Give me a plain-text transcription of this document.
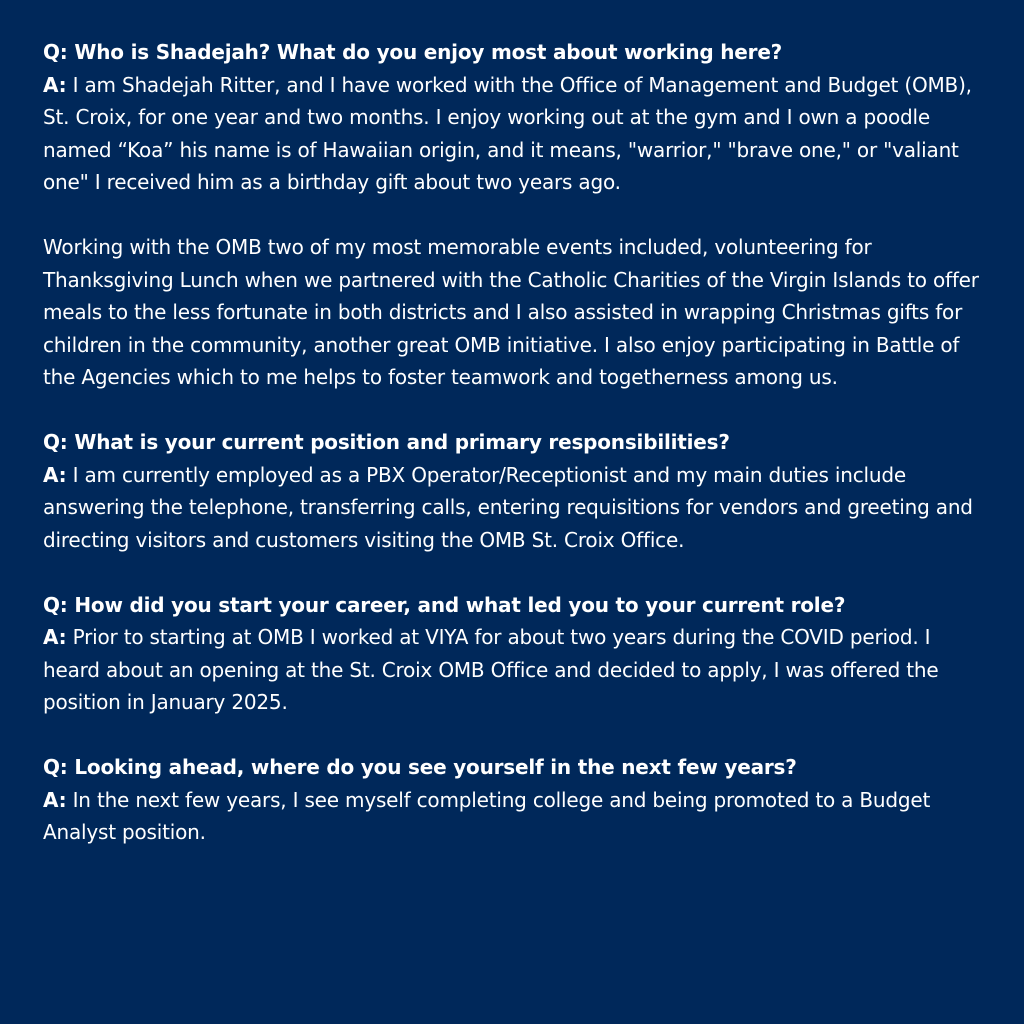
Q: Who is Shadejah? What do you enjoy most about working here?

A: I am Shadejah Ritter, and I have worked with the Office of Management and Budget (OMB), St. Croix, for one year and two months. I enjoy working out at the gym and I own a poodle named “Koa” his name is of Hawaiian origin, and it means, "warrior," "brave one," or "valiant one" I received him as a birthday gift about two years ago.

Working with the OMB two of my most memorable events included, volunteering for Thanksgiving Lunch when we partnered with the Catholic Charities of the Virgin Islands to offer meals to the less fortunate in both districts and I also assisted in wrapping Christmas gifts for children in the community, another great OMB initiative. I also enjoy participating in Battle of the Agencies which to me helps to foster teamwork and togetherness among us.

Q: What is your current position and primary responsibilities?

A: I am currently employed as a PBX Operator/Receptionist and my main duties include answering the telephone, transferring calls, entering requisitions for vendors and greeting and directing visitors and customers visiting the OMB St. Croix Office.

Q: How did you start your career, and what led you to your current role?

A: Prior to starting at OMB I worked at VIYA for about two years during the COVID period. I heard about an opening at the St. Croix OMB Office and decided to apply, I was offered the position in January 2025.

Q: Looking ahead, where do you see yourself in the next few years?

A: In the next few years, I see myself completing college and being promoted to a Budget Analyst position.
